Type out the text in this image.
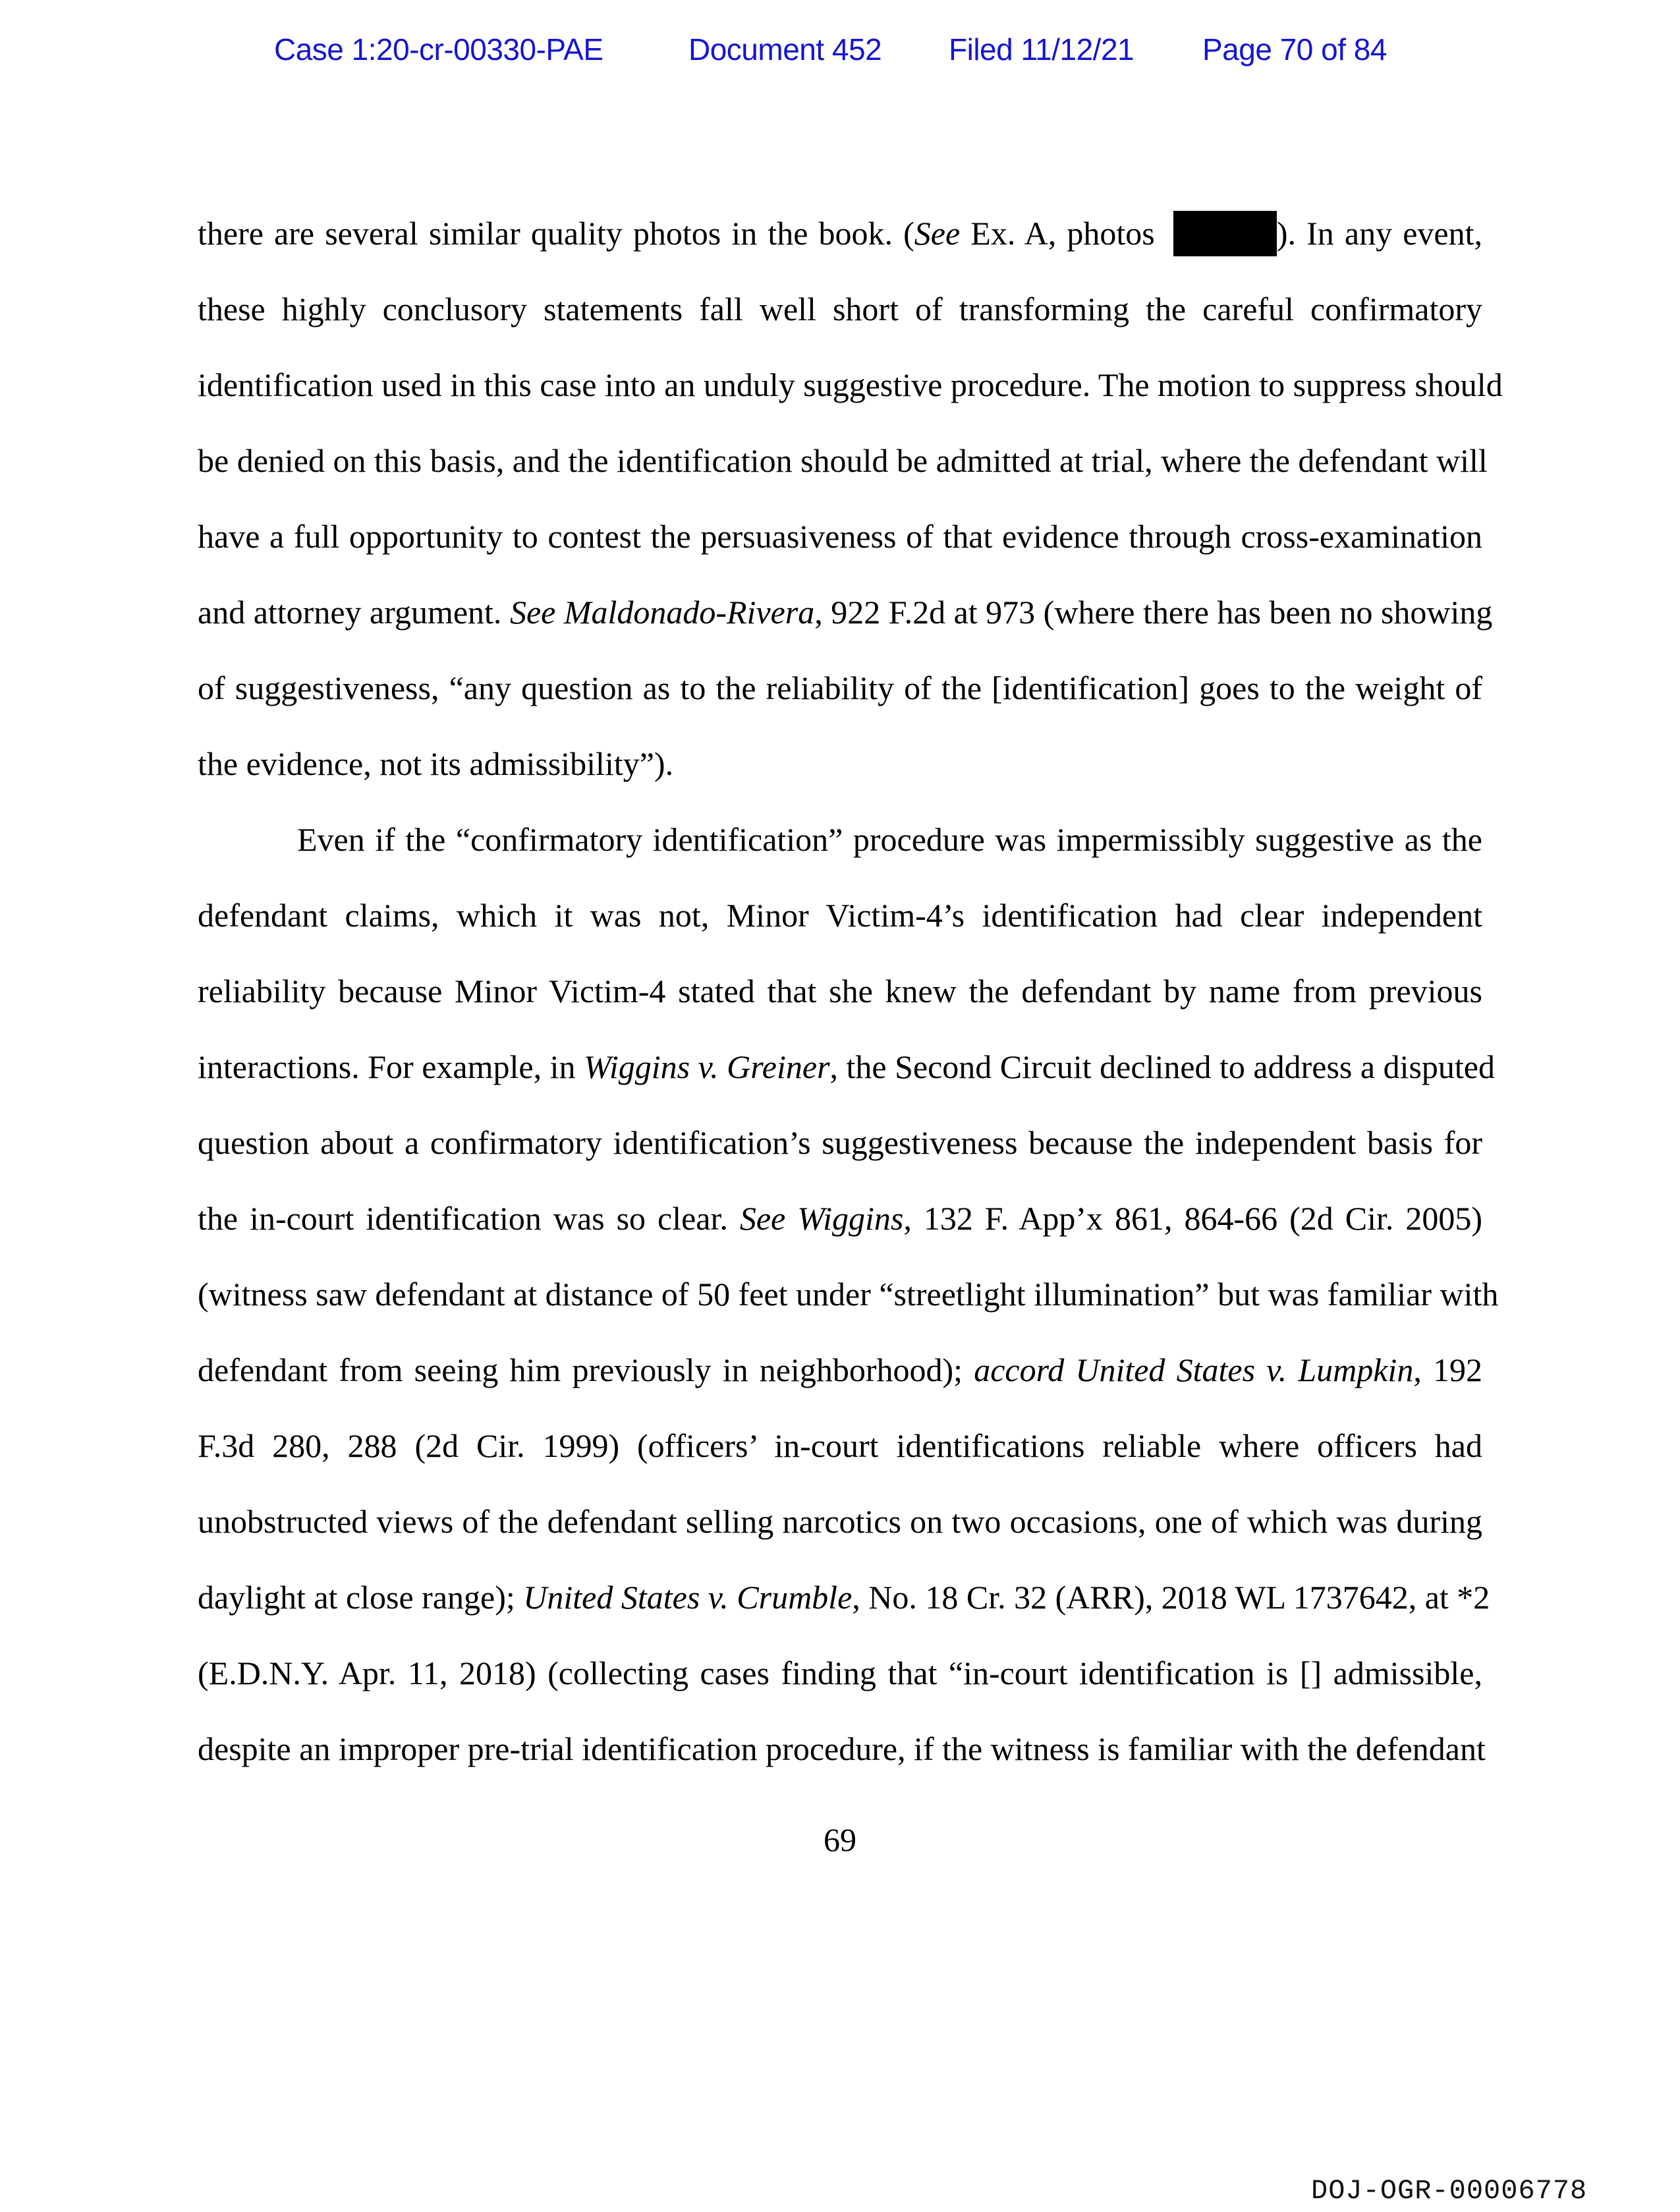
Case 1:20-cr-00330-PAE	Document 452	Filed 11/12/21	Page 70 of 84
there are several similar quality photos in the book. (See Ex. A, photos	). In any event,
these highly conclusory statements fall well short of transforming the careful confirmatory
identification used in this case into an unduly suggestive procedure. The motion to suppress should
be denied on this basis, and the identification should be admitted at trial, where the defendant will
have a full opportunity to contest the persuasiveness of that evidence through cross-examination
and attorney argument. See Maldonado-Rivera, 922 F.2d at 973 (where there has been no showing
of suggestiveness, “any question as to the reliability of the [identification] goes to the weight of
the evidence, not its admissibility”).
Even if the “confirmatory identification” procedure was impermissibly suggestive as the
defendant claims, which it was not, Minor Victim-4’s identification had clear independent
reliability because Minor Victim-4 stated that she knew the defendant by name from previous
interactions. For example, in Wiggins v. Greiner, the Second Circuit declined to address a disputed
question about a confirmatory identification’s suggestiveness because the independent basis for
the in-court identification was so clear. See Wiggins, 132 F. App’x 861, 864-66 (2d Cir. 2005)
(witness saw defendant at distance of 50 feet under “streetlight illumination” but was familiar with
defendant from seeing him previously in neighborhood); accord United States v. Lumpkin, 192
F.3d 280, 288 (2d Cir. 1999) (officers’ in-court identifications reliable where officers had
unobstructed views of the defendant selling narcotics on two occasions, one of which was during
daylight at close range); United States v. Crumble, No. 18 Cr. 32 (ARR), 2018 WL 1737642, at *2
(E.D.N.Y. Apr. 11, 2018) (collecting cases finding that “in-court identification is [] admissible,
despite an improper pre-trial identification procedure, if the witness is familiar with the defendant
69
DOJ-OGR-00006778
